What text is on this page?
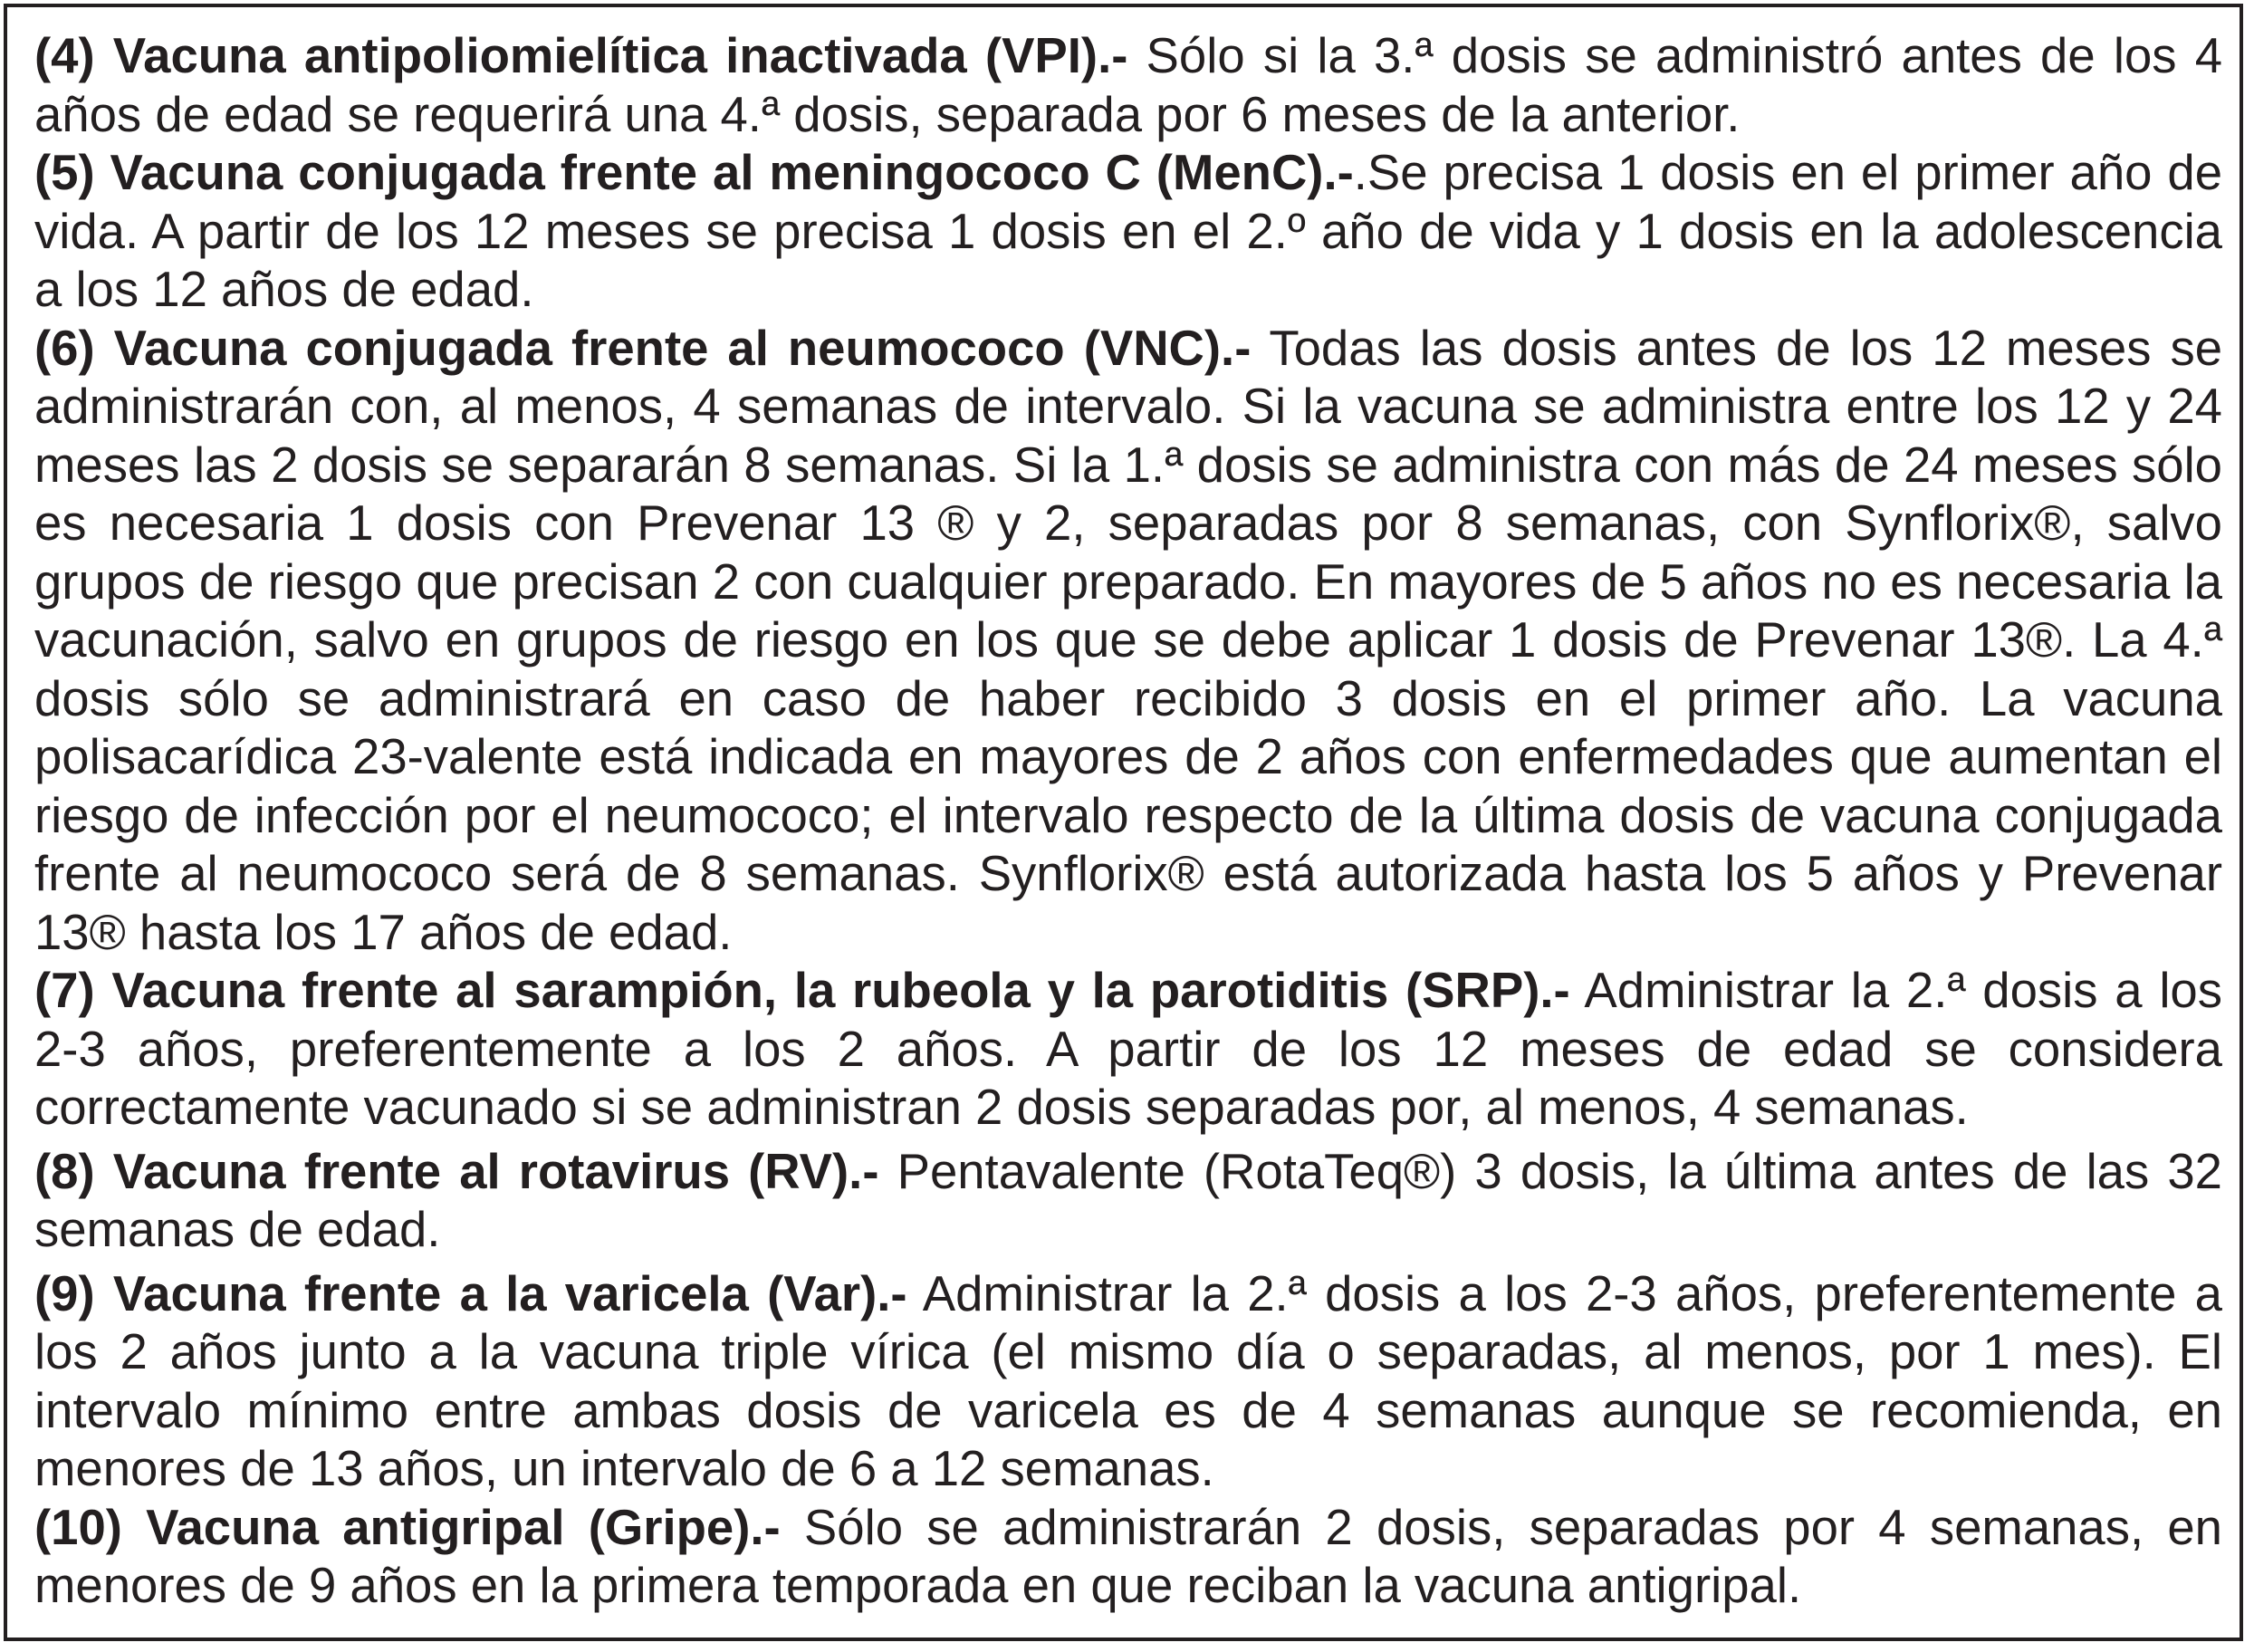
(4) Vacuna antipoliomielítica inactivada (VPI).- Sólo si la 3.ª dosis se administró antes de los 4 años de edad se requerirá una 4.ª dosis, separada por 6 meses de la anterior.

(5) Vacuna conjugada frente al meningococo C (MenC).-.Se precisa 1 dosis en el primer año de vida. A partir de los 12 meses se precisa 1 dosis en el 2.º año de vida y 1 dosis en la adolescencia a los 12 años de edad.

(6) Vacuna conjugada frente al neumococo (VNC).- Todas las dosis antes de los 12 meses se administrarán con, al menos, 4 semanas de intervalo. Si la vacuna se administra entre los 12 y 24 meses las 2 dosis se separarán 8 semanas. Si la 1.ª dosis se administra con más de 24 meses sólo es necesaria 1 dosis con Prevenar 13 ® y 2, separadas por 8 semanas, con Synflorix®, salvo grupos de riesgo que precisan 2 con cualquier preparado. En mayores de 5 años no es necesaria la vacunación, salvo en grupos de riesgo en los que se debe aplicar 1 dosis de Prevenar 13®. La 4.ª dosis sólo se administrará en caso de haber recibido 3 dosis en el primer año. La vacuna polisacarídica 23-valente está indicada en mayores de 2 años con enfermedades que aumentan el riesgo de infección por el neumococo; el intervalo respecto de la última dosis de vacuna conjugada frente al neumococo será de 8 semanas. Synflorix® está autorizada hasta los 5 años y Prevenar 13® hasta los 17 años de edad.

(7) Vacuna frente al sarampión, la rubeola y la parotiditis (SRP).- Administrar la 2.ª dosis a los 2-3 años, preferentemente a los 2 años. A partir de los 12 meses de edad se considera correctamente vacunado si se administran 2 dosis separadas por, al menos, 4 semanas.

(8) Vacuna frente al rotavirus (RV).- Pentavalente (RotaTeq®) 3 dosis, la última antes de las 32 semanas de edad.

(9) Vacuna frente a la varicela (Var).- Administrar la 2.ª dosis a los 2-3 años, preferentemente a los 2 años junto a la vacuna triple vírica (el mismo día o separadas, al menos, por 1 mes). El intervalo mínimo entre ambas dosis de varicela es de 4 semanas aunque se recomienda, en menores de 13 años, un intervalo de 6 a 12 semanas.

(10) Vacuna antigripal (Gripe).- Sólo se administrarán 2 dosis, separadas por 4 semanas, en menores de 9 años en la primera temporada en que reciban la vacuna antigripal.
